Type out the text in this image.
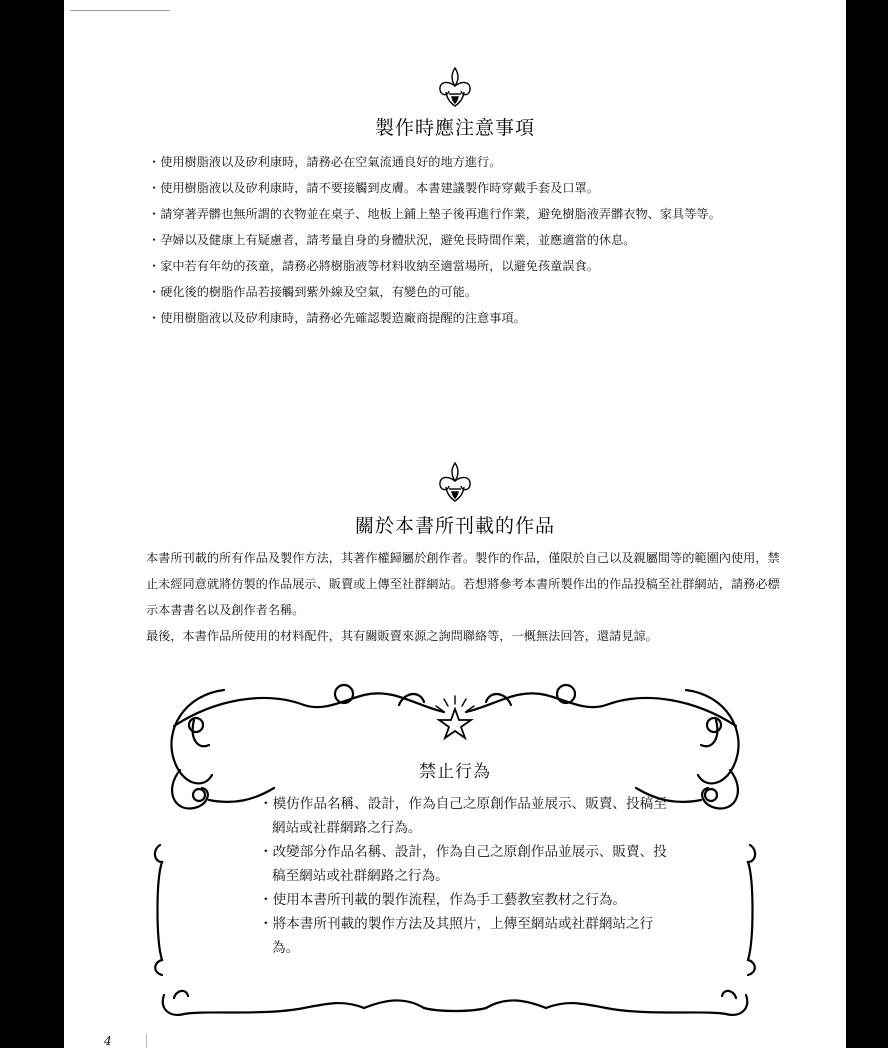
製作時應注意事項
・使用樹脂液以及矽利康時，請務必在空氣流通良好的地方進行。
・使用樹脂液以及矽利康時，請不要接觸到皮膚。本書建議製作時穿戴手套及口罩。
・請穿著弄髒也無所謂的衣物並在桌子、地板上鋪上墊子後再進行作業，避免樹脂液弄髒衣物、家具等等。
・孕婦以及健康上有疑慮者，請考量自身的身體狀況，避免長時間作業，並應適當的休息。
・家中若有年幼的孩童，請務必將樹脂液等材料收納至適當場所，以避免孩童誤食。
・硬化後的樹脂作品若接觸到紫外線及空氣，有變色的可能。
・使用樹脂液以及矽利康時，請務必先確認製造廠商提醒的注意事項。
關於本書所刊載的作品

本書所刊載的所有作品及製作方法，其著作權歸屬於創作者。製作的作品，僅限於自己以及親屬間等的範圍內使用，禁止未經同意就將仿製的作品展示、販賣或上傳至社群網站。若想將參考本書所製作出的作品投稿至社群網站，請務必標示本書書名以及創作者名稱。

最後，本書作品所使用的材料配件，其有關販賣來源之詢問聯絡等，一概無法回答，還請見諒。

禁止行為
・模仿作品名稱、設計，作為自己之原創作品並展示、販賣、投稿至網站或社群網路之行為。
・改變部分作品名稱、設計，作為自己之原創作品並展示、販賣、投稿至網站或社群網路之行為。
・使用本書所刊載的製作流程，作為手工藝教室教材之行為。
・將本書所刊載的製作方法及其照片，上傳至網站或社群網站之行為。
4
